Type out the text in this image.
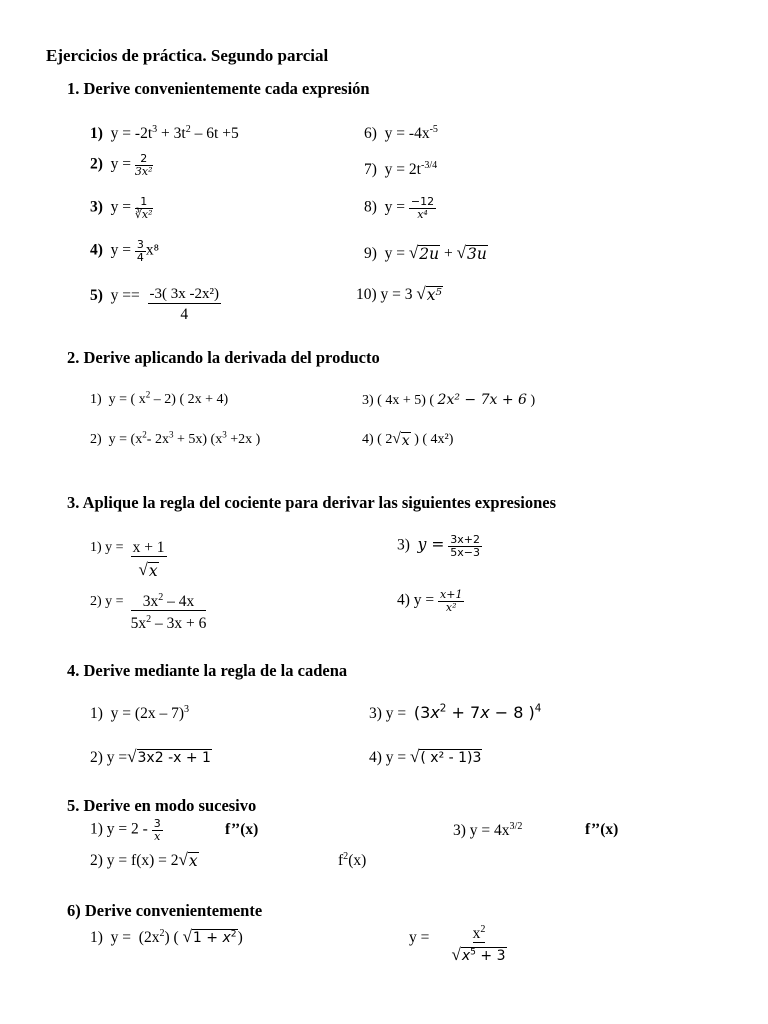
Ejercicios de práctica. Segundo parcial
1. Derive convenientemente cada expresión
1) $y = -2t^3 + 3t^2 - 6t +5$
2) $y = \frac{2}{\text{3x²}}$
3) $y = \frac{1}{\text{∛x²}}$
4) $y = \frac{3}{4} x^8$
5) $y == \frac{\text{-3( 3x -2x²)}}{4}$
6) $y = -4x^{-5}$
7) $y = 2t^{-3/4}$
8) $y = \frac{-12}{\text{x⁴}}$
9) y = √ 2u + √ 3u
10) y = 3 √ x⁵
2. Derive aplicando la derivada del producto
1)  y = ( $x^2 - 2$) ( 2x + 4)
2)  $y = (x^2-$ $2x^3 + 5x$) ($x^3 +2x$ )
3) ( 4x + 5) ( 2x² − 7x + 6 )
4) ( 2 √ x ) ( 4x²)
3. Aplique la regla del cociente para derivar las siguientes expresiones
1) $y = \frac{x + 1}{√ x}$
2) $y = \frac{3x^2 - 4x}{5x^2 - 3x + 6}$
3) $y = \frac{3x+2}{5x-3}$
4) $y = \frac{x+1}{\text{x²}}$
4. Derive mediante la regla de la cadena
1)  y = (2x – 7)$^3$
2) y = √ 3x2 -x + 1
3) $y = (3x^2 + 7x - 8$ )$^4$
4) y = √ ( x² - 1)3
5. Derive en modo sucesivo
1) $y = 2 - \frac{3}{x}$	f’’(x)
2) y = f(x) = 2 √ x	$f^2(x)$
3) $y = 4x^{3/2}$	f’’(x)
6) Derive convenientemente
1)  $y = (2x^2)$ ( √ $1 + x^2$ )	y =	$x^2$
√ $x^5 + 3$
